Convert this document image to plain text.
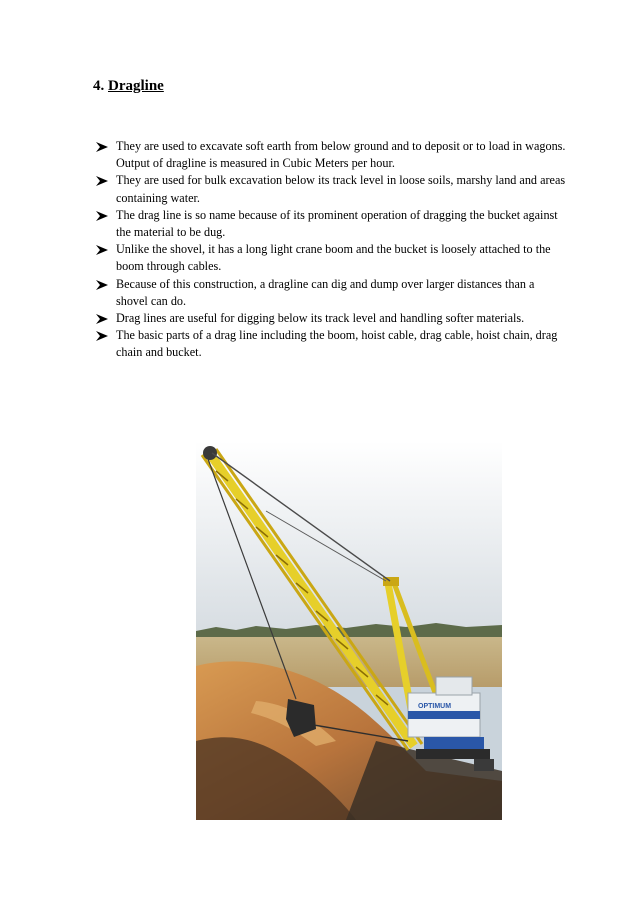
4. Dragline
They are used to excavate soft earth from below ground and to deposit or to load in wagons. Output of dragline is measured in Cubic Meters per hour.
They are used for bulk excavation below its track level in loose soils, marshy land and areas containing water.
The drag line is so name because of its prominent operation of dragging the bucket against the material to be dug.
Unlike the shovel, it has a long light crane boom and the bucket is loosely attached to the boom through cables.
Because of this construction, a dragline can dig and dump over larger distances than a shovel can do.
Drag lines are useful for digging below its track level and handling softer materials.
The basic parts of a drag line including the boom, hoist cable, drag cable, hoist chain, drag chain and bucket.
OPTIMUM
